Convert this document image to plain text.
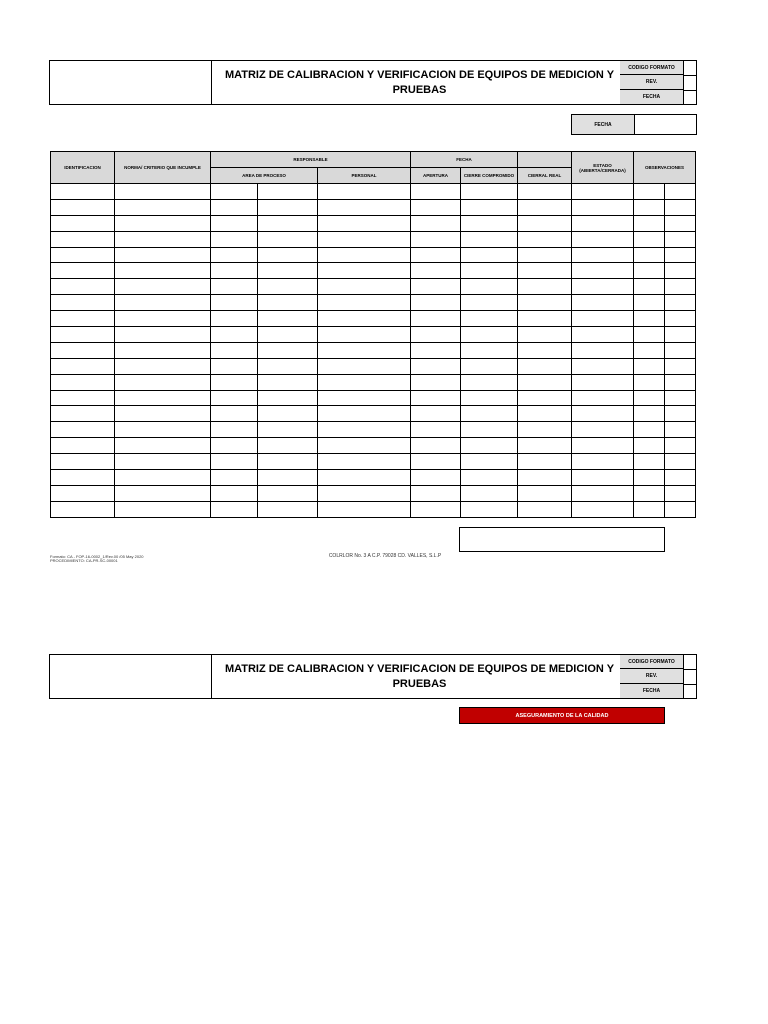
MATRIZ DE CALIBRACION Y VERIFICACION DE EQUIPOS DE MEDICION Y PRUEBAS
CODIGO FORMATO
REV.
FECHA
FECHA
IDENTIFICACION	NORMA/ CRITERIO QUE INCUMPLE	RESPONSABLE			FECHA			ESTADO (ABIERTA/CERRADA)	OBSERVACIONES	
		AREA DE PROCESO		PERSONAL	APERTURA	CIERRE COMPROMIDO	CIERRAL REAL			

Formato: CA - FOP-16-0002_1/Rev.00 /05 May 2020
PROCEDIMIENTO: CA-PR-SC-00001
COLRLOR No. 3 A C.P. 79028 CD. VALLES, S.L.P
MATRIZ DE CALIBRACION Y VERIFICACION DE EQUIPOS DE MEDICION Y PRUEBAS
CODIGO FORMATO
REV.
FECHA
ASEGURAMIENTO DE LA CALIDAD
